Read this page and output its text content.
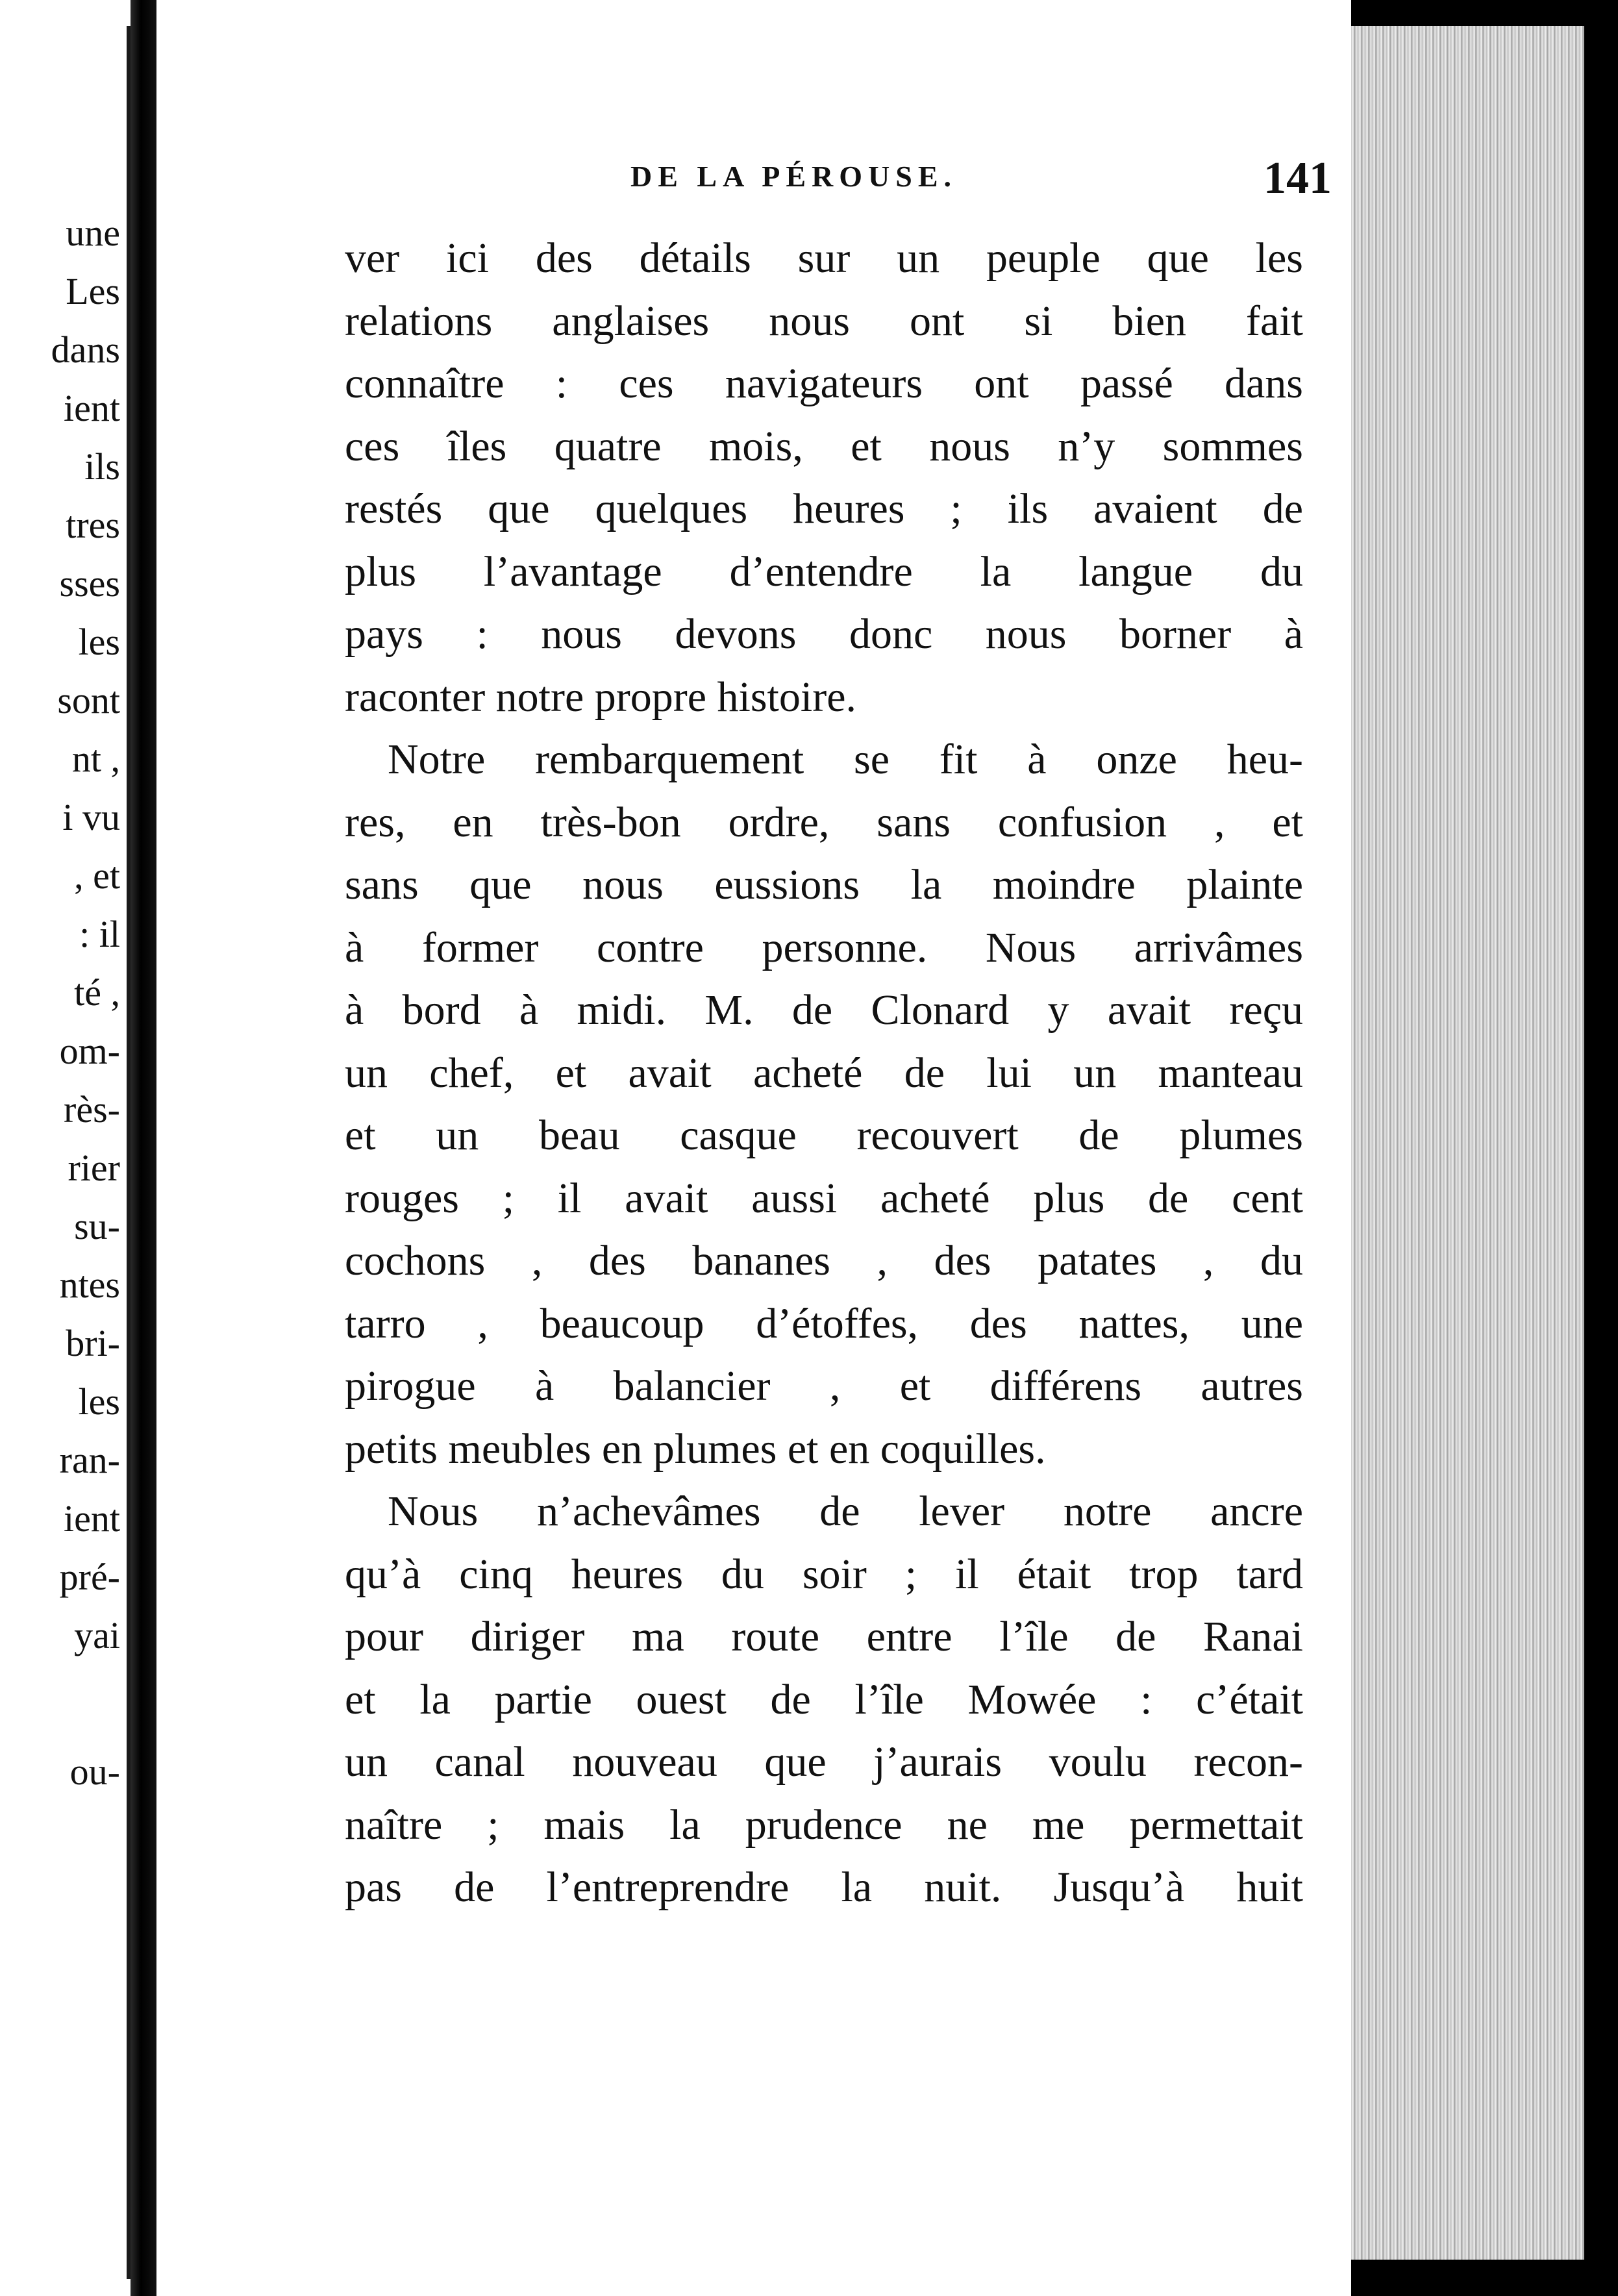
une
Les
dans
ient
ils
tres
sses
les
sont
nt ,
i vu
, et
: il
té ,
om-
rès-
rier
su-
ntes
bri-
les
ran-
ient
pré-
yai
ou-
DE LA PÉROUSE.	141
ver ici des détails sur un peuple que les
relations anglaises nous ont si bien fait
connaître : ces navigateurs ont passé dans
ces îles quatre mois, et nous n’y sommes
restés que quelques heures ; ils avaient de
plus l’avantage d’entendre la langue du
pays : nous devons donc nous borner à
raconter notre propre histoire.
Notre rembarquement se fit à onze heu-
res, en très-bon ordre, sans confusion , et
sans que nous eussions la moindre plainte
à former contre personne. Nous arrivâmes
à bord à midi. M. de Clonard y avait reçu
un chef, et avait acheté de lui un manteau
et un beau casque recouvert de plumes
rouges ; il avait aussi acheté plus de cent
cochons , des bananes , des patates , du
tarro , beaucoup d’étoffes, des nattes, une
pirogue à balancier , et différens autres
petits meubles en plumes et en coquilles.
Nous n’achevâmes de lever notre ancre
qu’à cinq heures du soir ; il était trop tard
pour diriger ma route entre l’île de Ranai
et la partie ouest de l’île Mowée : c’était
un canal nouveau que j’aurais voulu recon-
naître ; mais la prudence ne me permettait
pas de l’entreprendre la nuit. Jusqu’à huit
